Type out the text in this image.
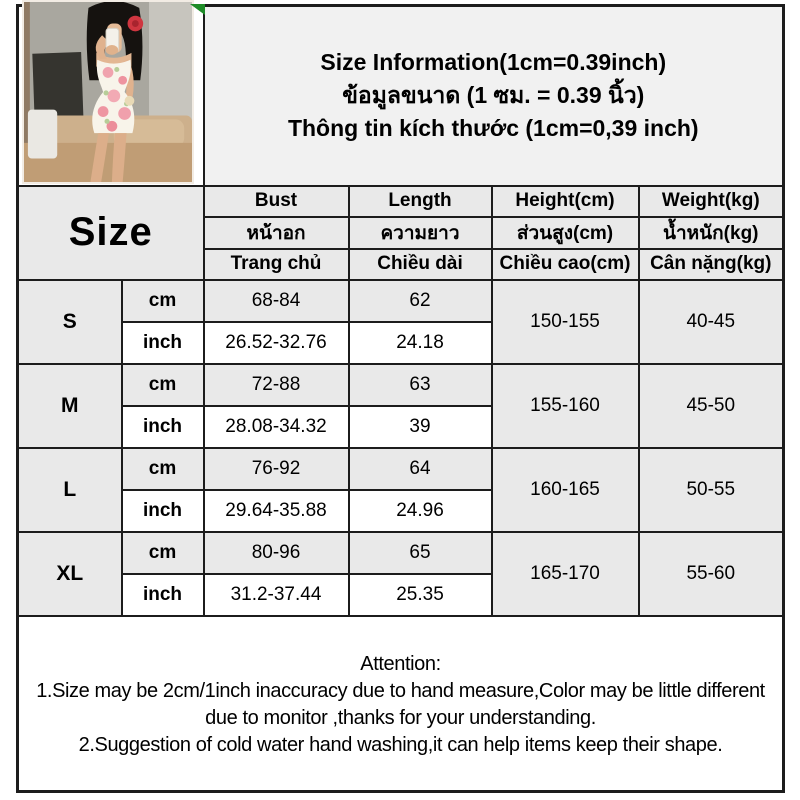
		Size Information(1cm=0.39inch)
ข้อมูลขนาด (1 ซม. = 0.39 นิ้ว)
Thông tin kích thước (1cm=0,39 inch)			

Size		Bust	Length	Height(cm)	Weight(kg)
		หน้าอก	ความยาว	ส่วนสูง(cm)	น้ำหนัก(kg)
		Trang chủ	Chiều dài	Chiều cao(cm)	Cân nặng(kg)
S	cm	68-84	62	150-155	40-45
	inch	26.52-32.76	24.18		
M	cm	72-88	63	155-160	45-50
	inch	28.08-34.32	39		
L	cm	76-92	64	160-165	50-55
	inch	29.64-35.88	24.96		
XL	cm	80-96	65	165-170	55-60
	inch	31.2-37.44	25.35		

Attention:
1.Size may be 2cm/1inch inaccuracy due to hand measure,Color may be little different due to monitor ,thanks for your understanding.
2.Suggestion of cold water hand washing,it can help items keep their shape.					
